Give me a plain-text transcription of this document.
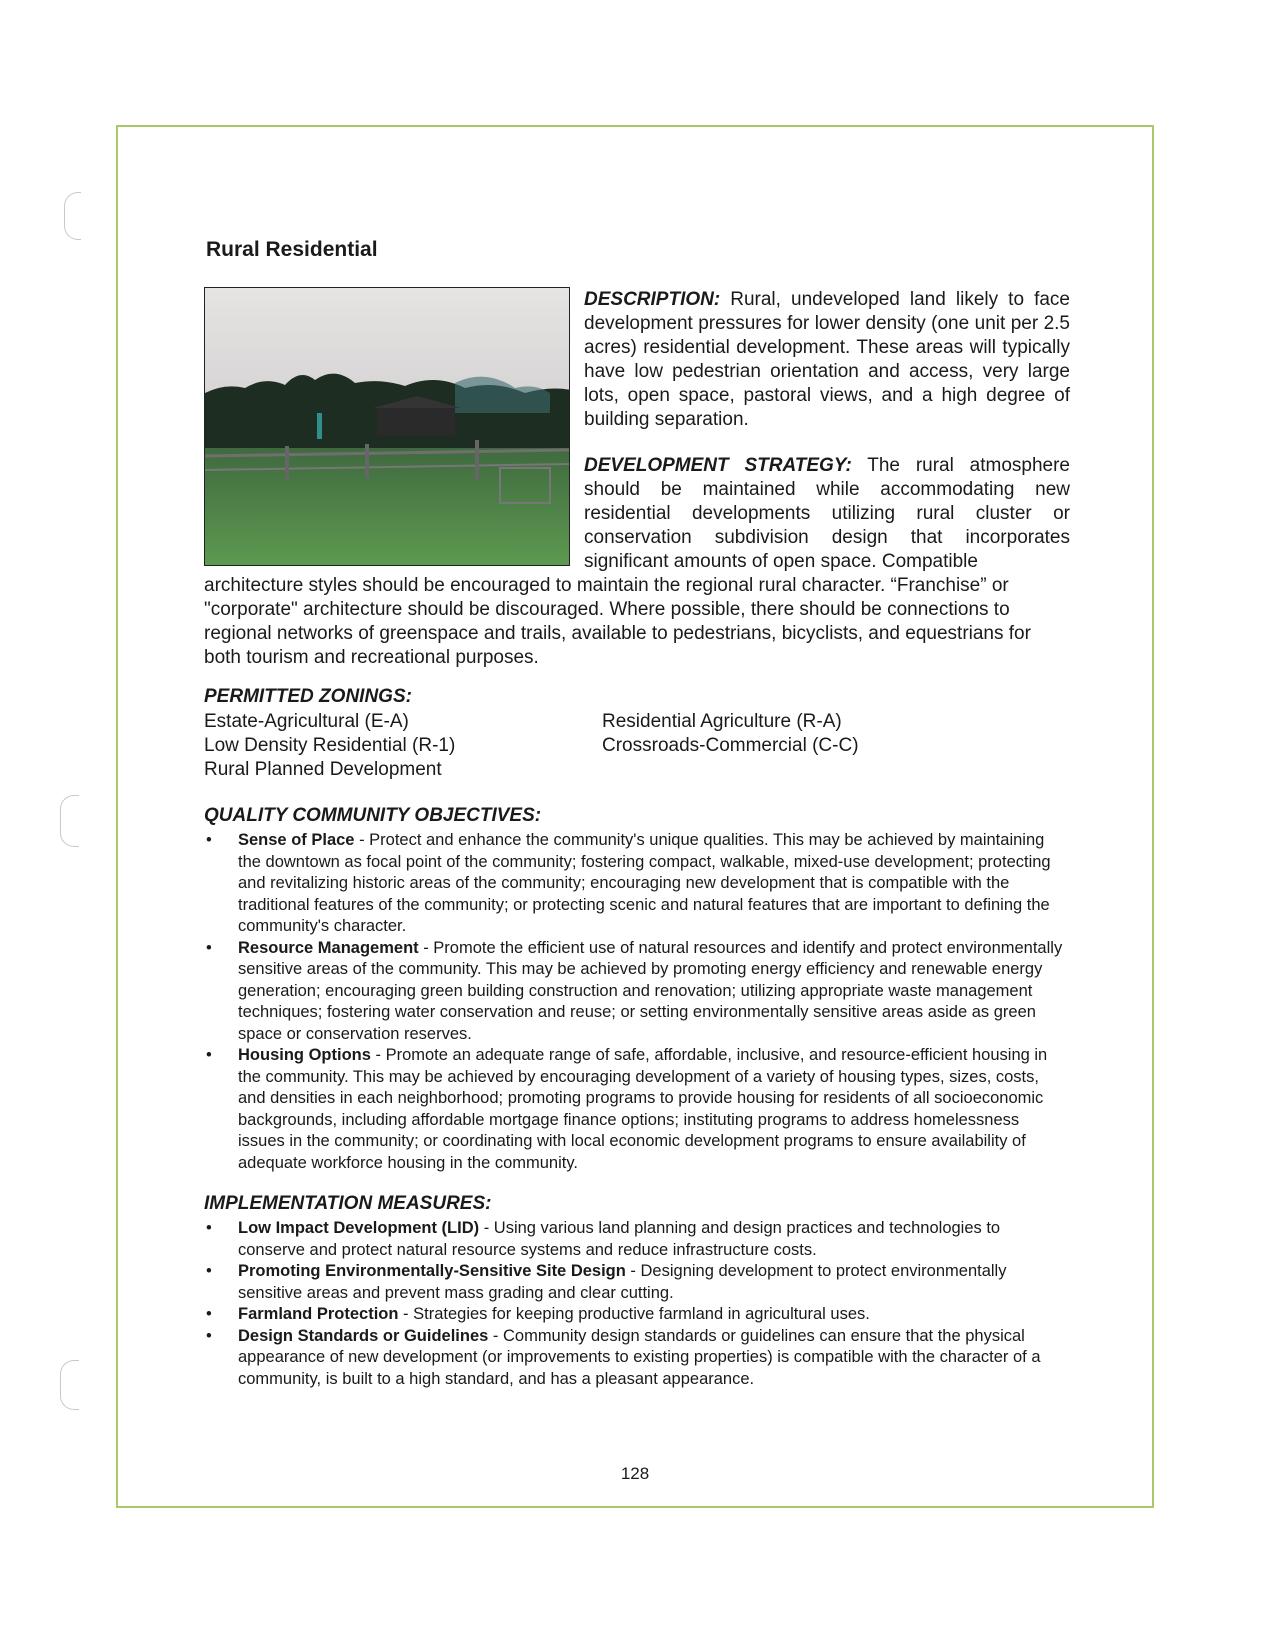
Rural Residential

DESCRIPTION: Rural, undeveloped land likely to face development pressures for lower density (one unit per 2.5 acres) residential development. These areas will typically have low pedestrian orientation and access, very large lots, open space, pastoral views, and a high degree of building separation.

DEVELOPMENT STRATEGY: The rural atmosphere should be maintained while accommodating new residential developments utilizing rural cluster or conservation subdivision design that incorporates significant amounts of open space. Compatible

architecture styles should be encouraged to maintain the regional rural character. “Franchise” or "corporate" architecture should be discouraged. Where possible, there should be connections to regional networks of greenspace and trails, available to pedestrians, bicyclists, and equestrians for both tourism and recreational purposes.

PERMITTED ZONINGS:
Estate-Agricultural (E-A)
Low Density Residential (R-1)
Rural Planned Development
Residential Agriculture (R-A)
Crossroads-Commercial (C-C)
QUALITY COMMUNITY OBJECTIVES:
• Sense of Place - Protect and enhance the community's unique qualities. This may be achieved by maintaining the downtown as focal point of the community; fostering compact, walkable, mixed-use development; protecting and revitalizing historic areas of the community; encouraging new development that is compatible with the traditional features of the community; or protecting scenic and natural features that are important to defining the community's character.
• Resource Management - Promote the efficient use of natural resources and identify and protect environmentally sensitive areas of the community. This may be achieved by promoting energy efficiency and renewable energy generation; encouraging green building construction and renovation; utilizing appropriate waste management techniques; fostering water conservation and reuse; or setting environmentally sensitive areas aside as green space or conservation reserves.
• Housing Options - Promote an adequate range of safe, affordable, inclusive, and resource-efficient housing in the community. This may be achieved by encouraging development of a variety of housing types, sizes, costs, and densities in each neighborhood; promoting programs to provide housing for residents of all socioeconomic backgrounds, including affordable mortgage finance options; instituting programs to address homelessness issues in the community; or coordinating with local economic development programs to ensure availability of adequate workforce housing in the community.
IMPLEMENTATION MEASURES:
• Low Impact Development (LID) - Using various land planning and design practices and technologies to conserve and protect natural resource systems and reduce infrastructure costs.
• Promoting Environmentally-Sensitive Site Design - Designing development to protect environmentally sensitive areas and prevent mass grading and clear cutting.
• Farmland Protection - Strategies for keeping productive farmland in agricultural uses.
• Design Standards or Guidelines - Community design standards or guidelines can ensure that the physical appearance of new development (or improvements to existing properties) is compatible with the character of a community, is built to a high standard, and has a pleasant appearance.
128
